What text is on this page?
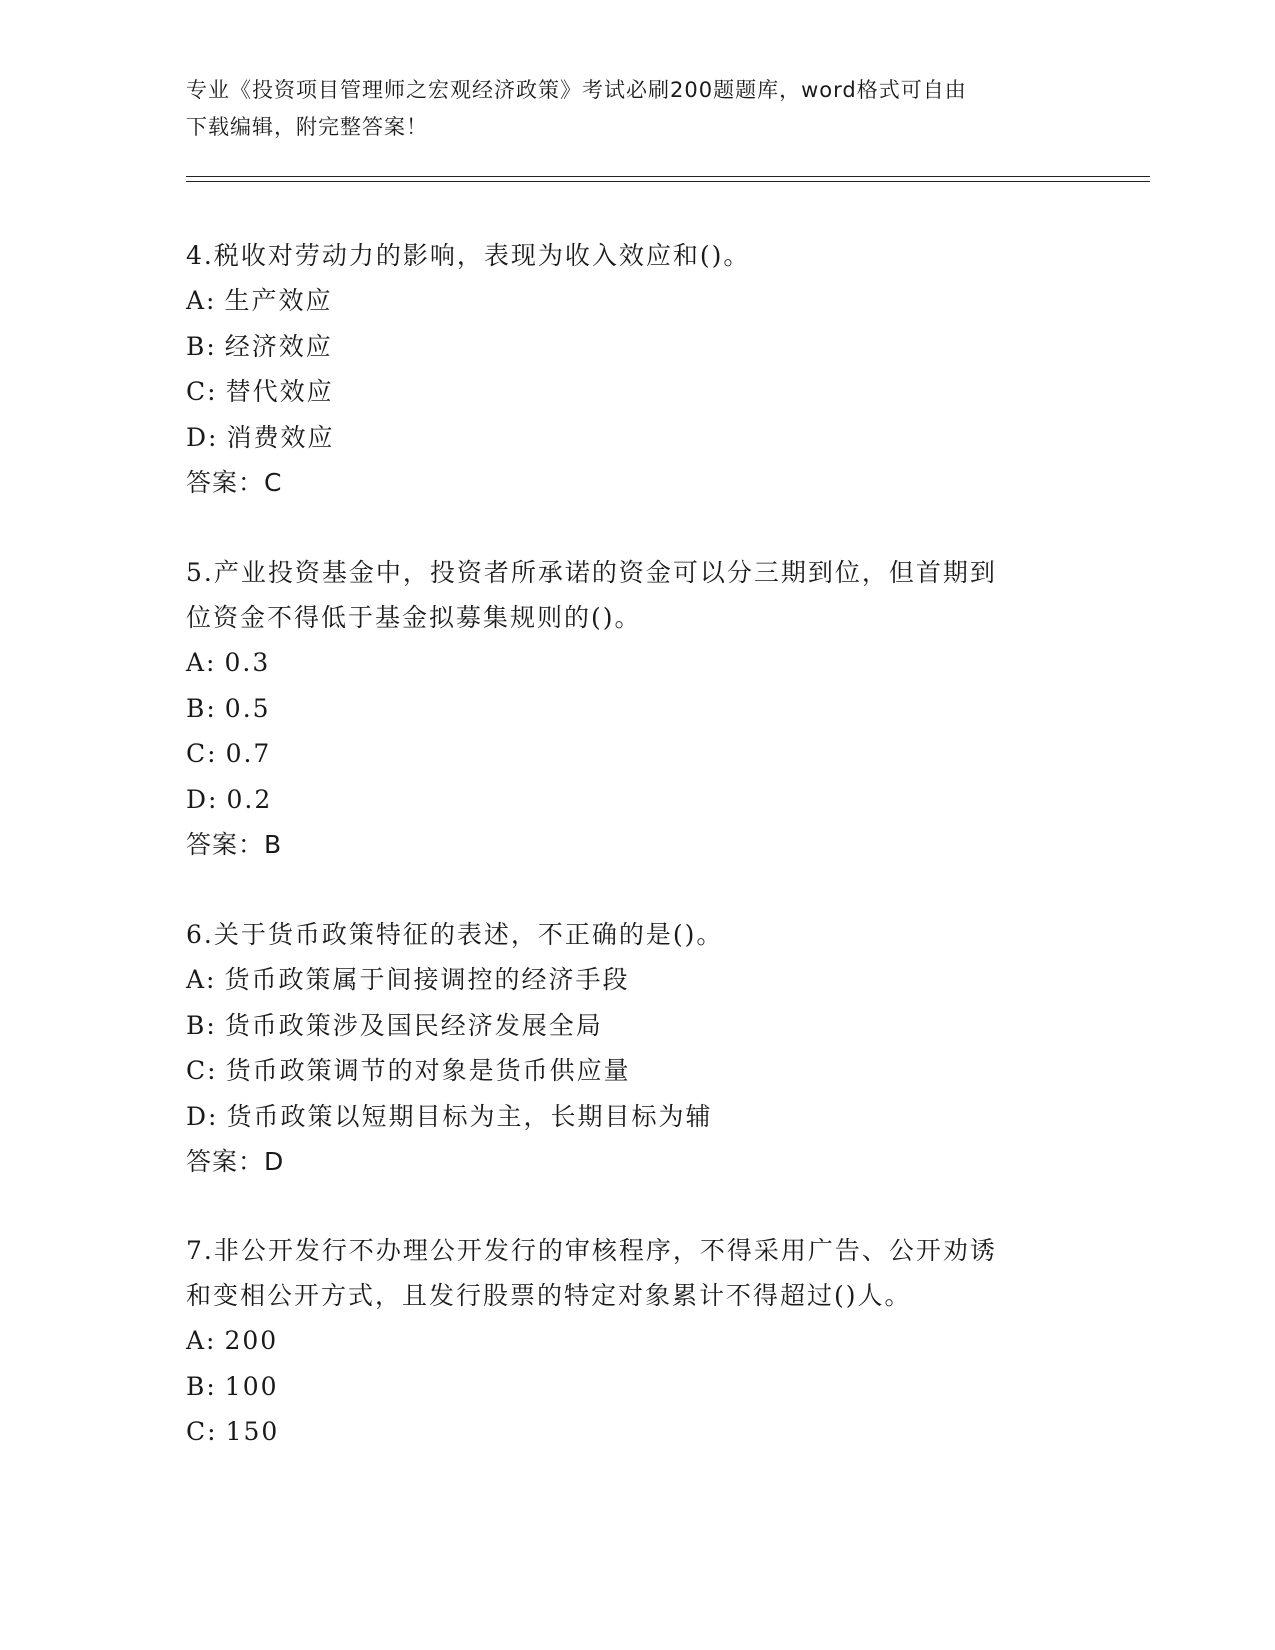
专业《投资项目管理师之宏观经济政策》考试必刷200题题库，word格式可自由
下载编辑，附完整答案！

4.税收对劳动力的影响，表现为收入效应和()。

A: 生产效应

B: 经济效应

C: 替代效应

D: 消费效应

答案：C

5.产业投资基金中，投资者所承诺的资金可以分三期到位，但首期到

位资金不得低于基金拟募集规则的()。

A: 0.3

B: 0.5

C: 0.7

D: 0.2

答案：B

6.关于货币政策特征的表述，不正确的是()。

A: 货币政策属于间接调控的经济手段

B: 货币政策涉及国民经济发展全局

C: 货币政策调节的对象是货币供应量

D: 货币政策以短期目标为主，长期目标为辅

答案：D

7.非公开发行不办理公开发行的审核程序，不得采用广告、公开劝诱

和变相公开方式，且发行股票的特定对象累计不得超过()人。

A: 200

B: 100

C: 150
